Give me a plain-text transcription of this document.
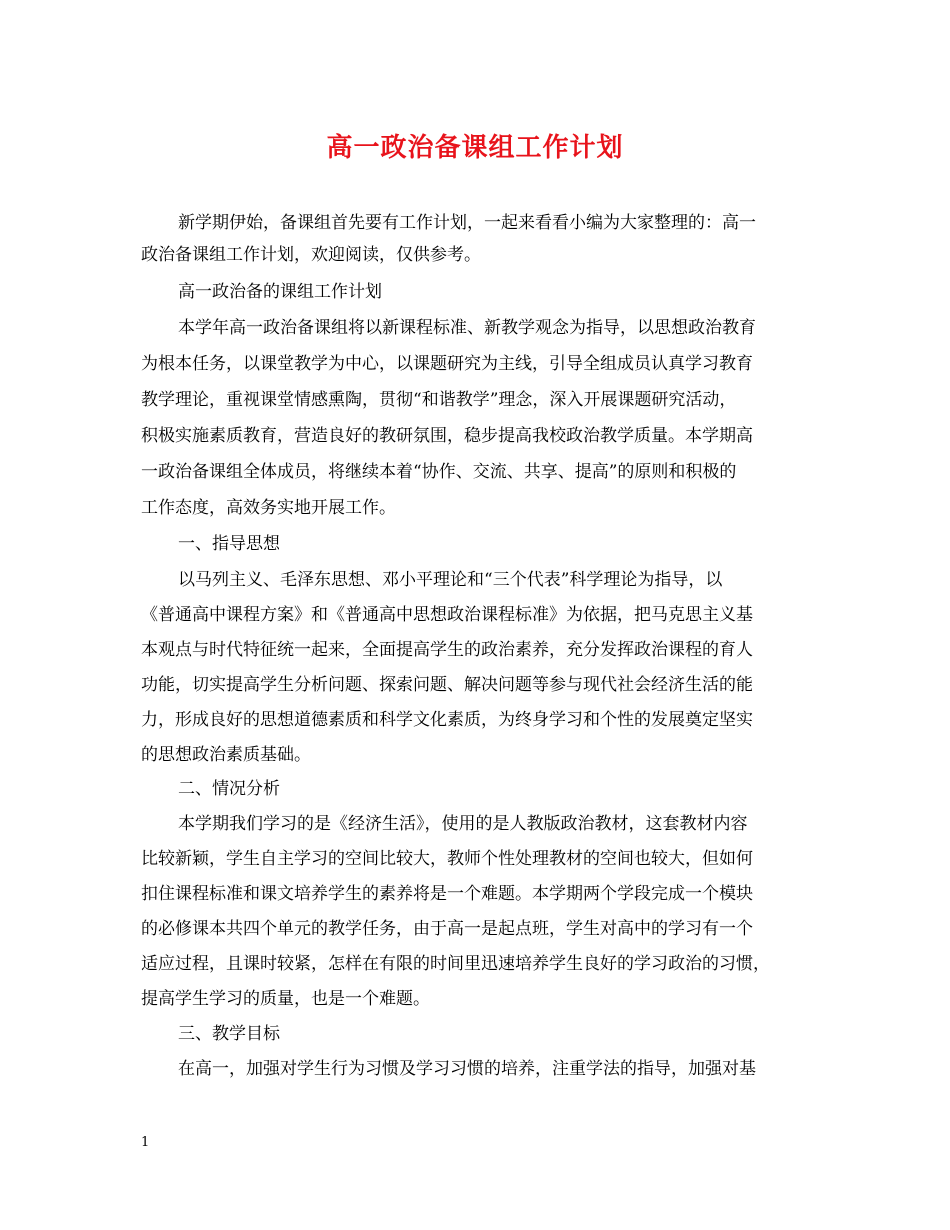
高一政治备课组工作计划
新学期伊始，备课组首先要有工作计划，一起来看看小编为大家整理的：高一
政治备课组工作计划，欢迎阅读，仅供参考。
高一政治备的课组工作计划
本学年高一政治备课组将以新课程标准、新教学观念为指导，以思想政治教育
为根本任务，以课堂教学为中心，以课题研究为主线，引导全组成员认真学习教育
教学理论，重视课堂情感熏陶，贯彻“和谐教学”理念，深入开展课题研究活动，
积极实施素质教育，营造良好的教研氛围，稳步提高我校政治教学质量。本学期高
一政治备课组全体成员，将继续本着“协作、交流、共享、提高”的原则和积极的
工作态度，高效务实地开展工作。
一、指导思想
以马列主义、毛泽东思想、邓小平理论和“三个代表”科学理论为指导，以
《普通高中课程方案》和《普通高中思想政治课程标准》为依据，把马克思主义基
本观点与时代特征统一起来，全面提高学生的政治素养，充分发挥政治课程的育人
功能，切实提高学生分析问题、探索问题、解决问题等参与现代社会经济生活的能
力，形成良好的思想道德素质和科学文化素质，为终身学习和个性的发展奠定坚实
的思想政治素质基础。
二、情况分析
本学期我们学习的是《经济生活》，使用的是人教版政治教材，这套教材内容
比较新颖，学生自主学习的空间比较大，教师个性处理教材的空间也较大，但如何
扣住课程标准和课文培养学生的素养将是一个难题。本学期两个学段完成一个模块
的必修课本共四个单元的教学任务，由于高一是起点班，学生对高中的学习有一个
适应过程，且课时较紧，怎样在有限的时间里迅速培养学生良好的学习政治的习惯，
提高学生学习的质量，也是一个难题。
三、教学目标
在高一，加强对学生行为习惯及学习习惯的培养，注重学法的指导，加强对基
1
